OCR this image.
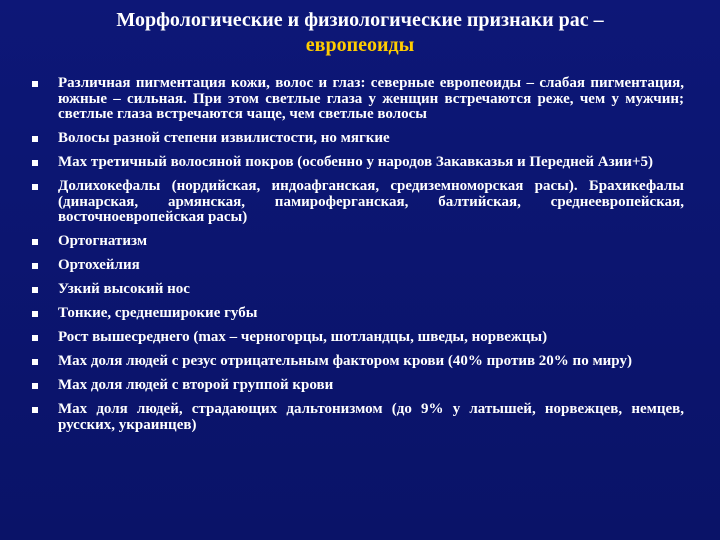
Морфологические и физиологические признаки рас –
европеоиды
Различная пигментация кожи, волос и глаз: северные европеоиды – слабая пигментация, южные – сильная. При этом светлые глаза у женщин встречаются реже, чем у мужчин; светлые глаза встречаются чаще, чем светлые волосы
Волосы разной степени извилистости, но мягкие
Max третичный волосяной покров (особенно у народов Закавказья и Передней Азии+5)
Долихокефалы (нордийская, индоафганская, средиземноморская расы). Брахикефалы (динарская, армянская, памироферганская, балтийская, среднеевропейская, восточноевропейская расы)
Ортогнатизм
Ортохейлия
Узкий высокий нос
Тонкие, среднеширокие губы
Рост вышесреднего (max – черногорцы, шотландцы, шведы, норвежцы)
Max доля людей с резус отрицательным фактором крови (40% против 20% по миру)
Max доля людей с второй группой крови
Max доля людей, страдающих дальтонизмом (до 9% у латышей, норвежцев, немцев, русских, украинцев)
